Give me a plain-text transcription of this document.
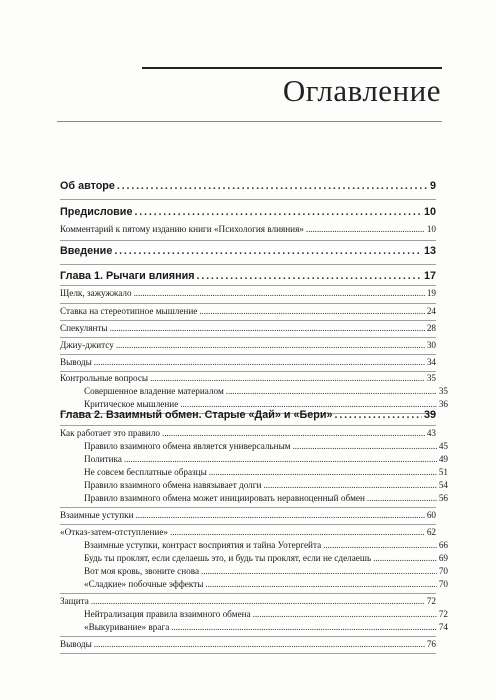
Оглавление
Об авторе . . .	9
Предисловие . . .	10
Комментарий к пятому изданию книги «Психология влияния» . . .	10
Введение . . .	13
Глава 1. Рычаги влияния . . .	17
Щелк, зажужжало . . .	19
Ставка на стереотипное мышление . . .	24
Спекулянты . . .	28
Джиу-джитсу . . .	30
Выводы . . .	34
Контрольные вопросы . . .	35
Совершенное владение материалом . . .	35
Критическое мышление . . .	36
Глава 2. Взаимный обмен. Старые «Дай» и «Бери» . . .	39
Как работает это правило . . .	43
Правило взаимного обмена является универсальным . . .	45
Политика . . .	49
Не совсем бесплатные образцы . . .	51
Правило взаимного обмена навязывает долги . . .	54
Правило взаимного обмена может инициировать неравноценный обмен . . .	56
Взаимные уступки . . .	60
«Отказ-затем-отступление» . . .	62
Взаимные уступки, контраст восприятия и тайна Уотергейта . . .	66
Будь ты проклят, если сделаешь это, и будь ты проклят, если не сделаешь . . .	69
Вот моя кровь, звоните снова . . .	70
«Сладкие» побочные эффекты . . .	70
Защита . . .	72
Нейтрализация правила взаимного обмена . . .	72
«Выкуривание» врага . . .	74
Выводы . . .	76
